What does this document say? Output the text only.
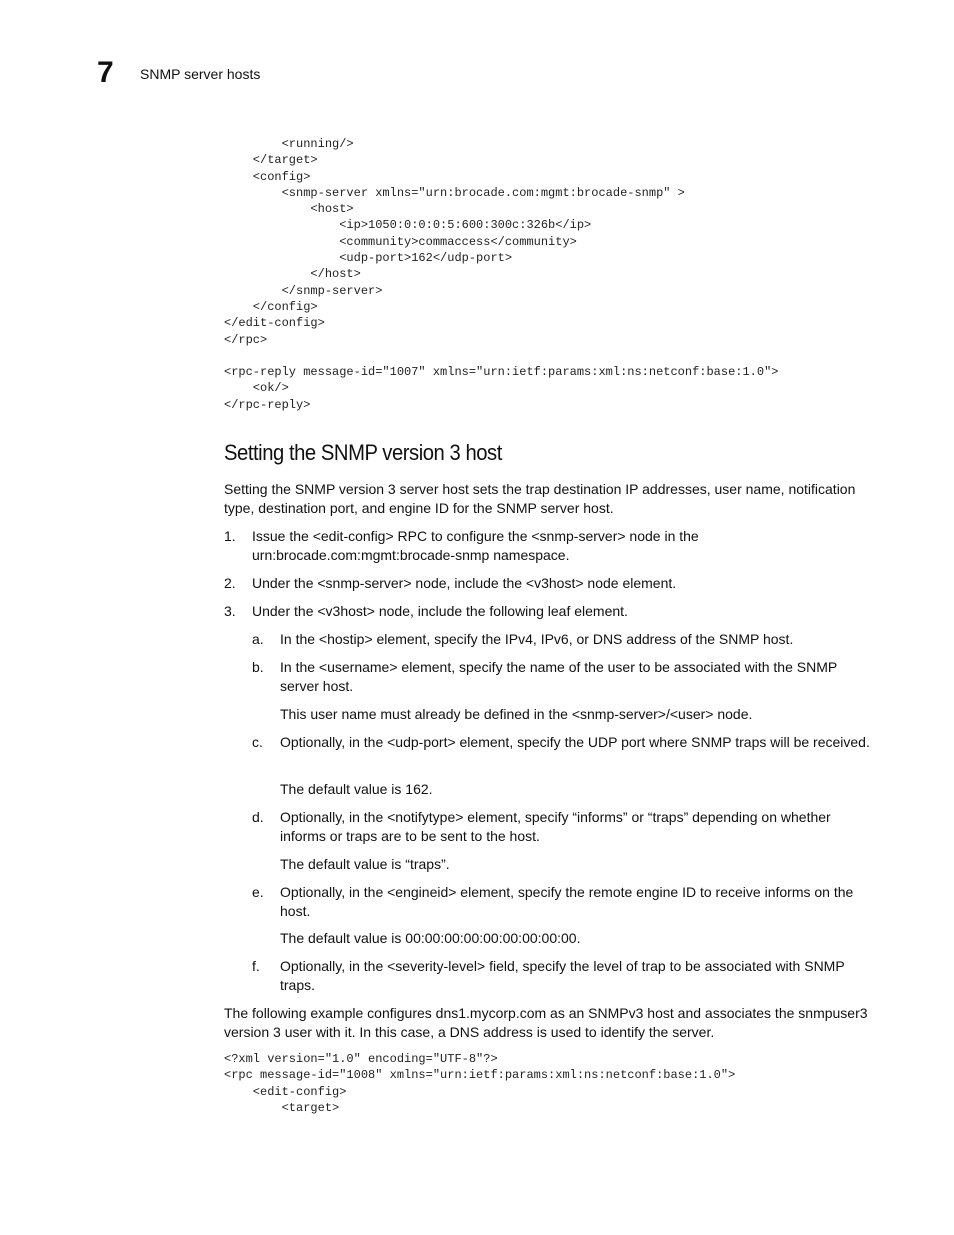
7 SNMP server hosts
<running/>
</target>
<config>
<snmp-server xmlns="urn:brocade.com:mgmt:brocade-snmp" >
<host>
<ip>1050:0:0:0:5:600:300c:326b</ip>
<community>commaccess</community>
<udp-port>162</udp-port>
</host>
</snmp-server>
</config>
</edit-config>
</rpc>
<rpc-reply message-id="1007" xmlns="urn:ietf:params:xml:ns:netconf:base:1.0">
<ok/>
</rpc-reply>
Setting the SNMP version 3 host

Setting the SNMP version 3 server host sets the trap destination IP addresses, user name, notification type, destination port, and engine ID for the SNMP server host.

1. Issue the <edit-config> RPC to configure the <snmp-server> node in the urn:brocade.com:mgmt:brocade-snmp namespace.
2. Under the <snmp-server> node, include the <v3host> node element.
3. Under the <v3host> node, include the following leaf element.
a. In the <hostip> element, specify the IPv4, IPv6, or DNS address of the SNMP host.
b. In the <username> element, specify the name of the user to be associated with the SNMP server host.
This user name must already be defined in the <snmp-server>/<user> node.
c. Optionally, in the <udp-port> element, specify the UDP port where SNMP traps will be received.
The default value is 162.
d. Optionally, in the <notifytype> element, specify “informs” or “traps” depending on whether informs or traps are to be sent to the host.
The default value is “traps”.
e. Optionally, in the <engineid> element, specify the remote engine ID to receive informs on the host.
The default value is 00:00:00:00:00:00:00:00:00.
f. Optionally, in the <severity-level> field, specify the level of trap to be associated with SNMP traps.

The following example configures dns1.mycorp.com as an SNMPv3 host and associates the snmpuser3 version 3 user with it. In this case, a DNS address is used to identify the server.

<?xml version="1.0" encoding="UTF-8"?>
<rpc message-id="1008" xmlns="urn:ietf:params:xml:ns:netconf:base:1.0">
<edit-config>
<target>
